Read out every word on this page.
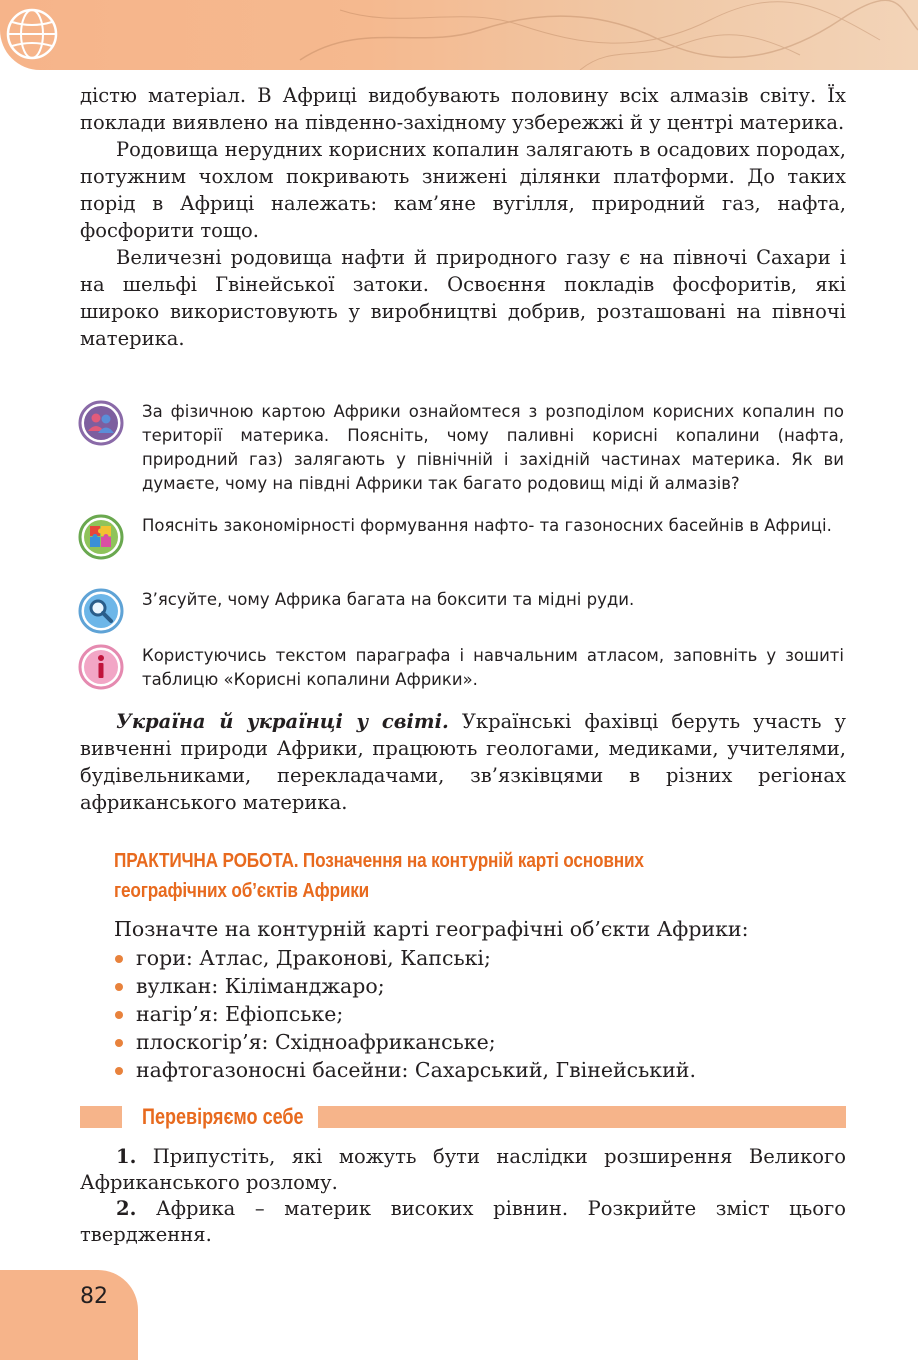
дістю матеріал. В Африці видобувають половину всіх алмазів світу. Їх поклади виявлено на південно-західному узбережжі й у центрі материка.

Родовища нерудних корисних копалин залягають в осадових породах, потужним чохлом покривають знижені ділянки платформи. До таких порід в Африці належать: кам’яне вугілля, природний газ, нафта, фосфорити тощо.

Величезні родовища нафти й природного газу є на півночі Сахари і на шельфі Гвінейської затоки. Освоєння покладів фосфоритів, які широко використовують у виробництві добрив, розташовані на півночі материка.

За фізичною картою Африки ознайомтеся з розподілом корисних копалин по території материка. Поясніть, чому паливні корисні копалини (нафта, природний газ) залягають у північній і західній частинах материка. Як ви думаєте, чому на півдні Африки так багато родовищ міді й алмазів?
Поясніть закономірності формування нафто- та газоносних басейнів в Африці.
З’ясуйте, чому Африка багата на боксити та мідні руди.
Користуючись текстом параграфа і навчальним атласом, заповніть у зошиті таблицю «Корисні копалини Африки».

Україна й українці у світі. Українські фахівці беруть участь у вивченні природи Африки, працюють геологами, медиками, учителями, будівельниками, перекладачами, зв’язківцями в різних регіонах африканського материка.

ПРАКТИЧНА РОБОТА. Позначення на контурній карті основних географічних об’єктів Африки

Позначте на контурній карті географічні об’єкти Африки:

гори: Атлас, Драконові, Капські;
вулкан: Кіліманджаро;
нагір’я: Ефіопське;
плоскогір’я: Східноафриканське;
нафтогазоносні басейни: Сахарський, Гвінейський.
Перевіряємо себе

1. Припустіть, які можуть бути наслідки розширення Великого Африканського розлому.

2. Африка – материк високих рівнин. Розкрийте зміст цього твердження.

82
